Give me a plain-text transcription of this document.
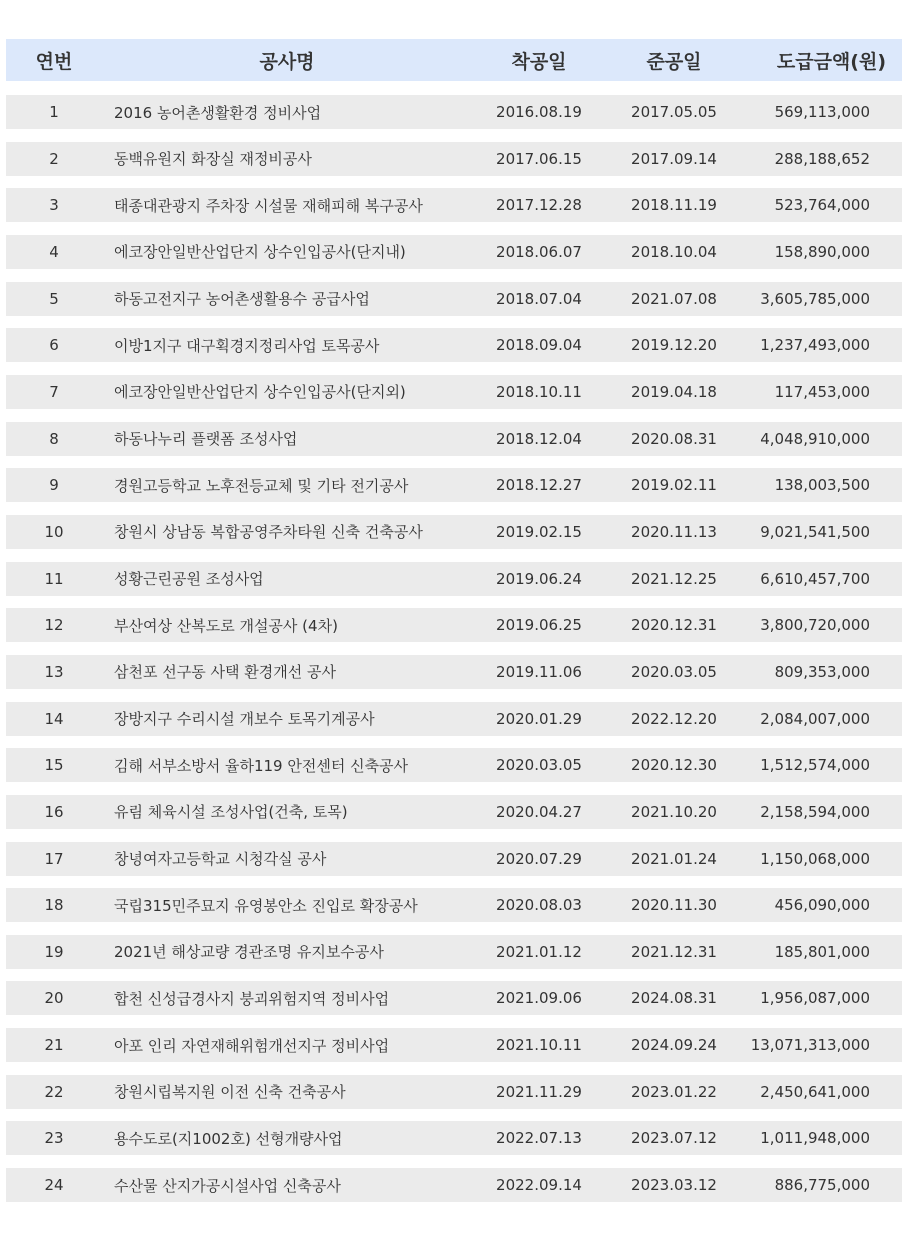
연번	공사명	착공일	준공일	도급금액(원)
1	2016 농어촌생활환경 정비사업	2016.08.19	2017.05.05	569,113,000
2	동백유원지 화장실 재정비공사	2017.06.15	2017.09.14	288,188,652
3	태종대관광지 주차장 시설물 재해피해 복구공사	2017.12.28	2018.11.19	523,764,000
4	에코장안일반산업단지 상수인입공사(단지내)	2018.06.07	2018.10.04	158,890,000
5	하동고전지구 농어촌생활용수 공급사업	2018.07.04	2021.07.08	3,605,785,000
6	이방1지구 대구획경지정리사업 토목공사	2018.09.04	2019.12.20	1,237,493,000
7	에코장안일반산업단지 상수인입공사(단지외)	2018.10.11	2019.04.18	117,453,000
8	하동나누리 플랫폼 조성사업	2018.12.04	2020.08.31	4,048,910,000
9	경원고등학교 노후전등교체 및 기타 전기공사	2018.12.27	2019.02.11	138,003,500
10	창원시 상남동 복합공영주차타원 신축 건축공사	2019.02.15	2020.11.13	9,021,541,500
11	성황근린공원 조성사업	2019.06.24	2021.12.25	6,610,457,700
12	부산여상 산복도로 개설공사 (4차)	2019.06.25	2020.12.31	3,800,720,000
13	삼천포 선구동 사택 환경개선 공사	2019.11.06	2020.03.05	809,353,000
14	장방지구 수리시설 개보수 토목기계공사	2020.01.29	2022.12.20	2,084,007,000
15	김해 서부소방서 율하119 안전센터 신축공사	2020.03.05	2020.12.30	1,512,574,000
16	유림 체육시설 조성사업(건축, 토목)	2020.04.27	2021.10.20	2,158,594,000
17	창녕여자고등학교 시청각실 공사	2020.07.29	2021.01.24	1,150,068,000
18	국립315민주묘지 유영봉안소 진입로 확장공사	2020.08.03	2020.11.30	456,090,000
19	2021년 해상교량 경관조명 유지보수공사	2021.01.12	2021.12.31	185,801,000
20	합천 신성급경사지 붕괴위험지역 정비사업	2021.09.06	2024.08.31	1,956,087,000
21	아포 인리 자연재해위험개선지구 정비사업	2021.10.11	2024.09.24	13,071,313,000
22	창원시립복지원 이전 신축 건축공사	2021.11.29	2023.01.22	2,450,641,000
23	용수도로(지1002호) 선형개량사업	2022.07.13	2023.07.12	1,011,948,000
24	수산물 산지가공시설사업 신축공사	2022.09.14	2023.03.12	886,775,000
